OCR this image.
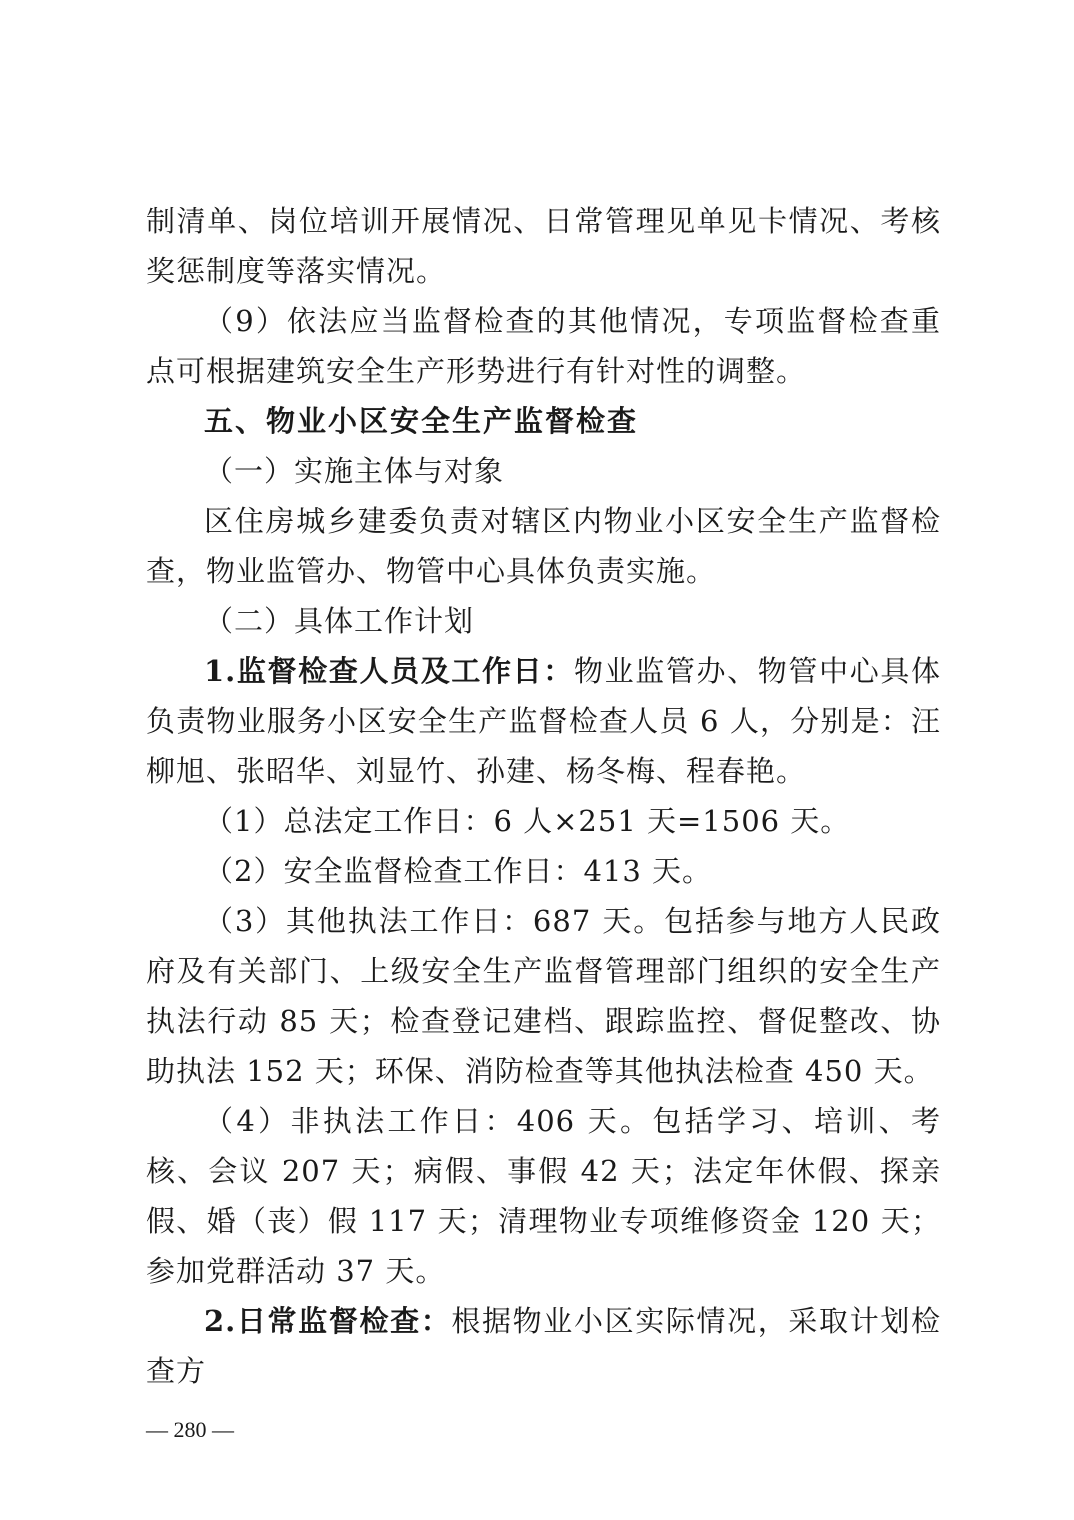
制清单、岗位培训开展情况、日常管理见单见卡情况、考核奖惩制度等落实情况。

（9）依法应当监督检查的其他情况，专项监督检查重点可根据建筑安全生产形势进行有针对性的调整。

五、物业小区安全生产监督检查

（一）实施主体与对象

区住房城乡建委负责对辖区内物业小区安全生产监督检查，物业监管办、物管中心具体负责实施。

（二）具体工作计划

1.监督检查人员及工作日：物业监管办、物管中心具体负责物业服务小区安全生产监督检查人员 6 人，分别是：汪柳旭、张昭华、刘显竹、孙建、杨冬梅、程春艳。

（1）总法定工作日：6 人×251 天=1506 天。

（2）安全监督检查工作日：413 天。

（3）其他执法工作日：687 天。包括参与地方人民政府及有关部门、上级安全生产监督管理部门组织的安全生产执法行动 85 天；检查登记建档、跟踪监控、督促整改、协助执法 152 天；环保、消防检查等其他执法检查 450 天。

（4）非执法工作日：406 天。包括学习、培训、考核、会议 207 天；病假、事假 42 天；法定年休假、探亲假、婚（丧）假 117 天；清理物业专项维修资金 120 天；参加党群活动 37 天。

2.日常监督检查：根据物业小区实际情况，采取计划检查方

— 280 —
